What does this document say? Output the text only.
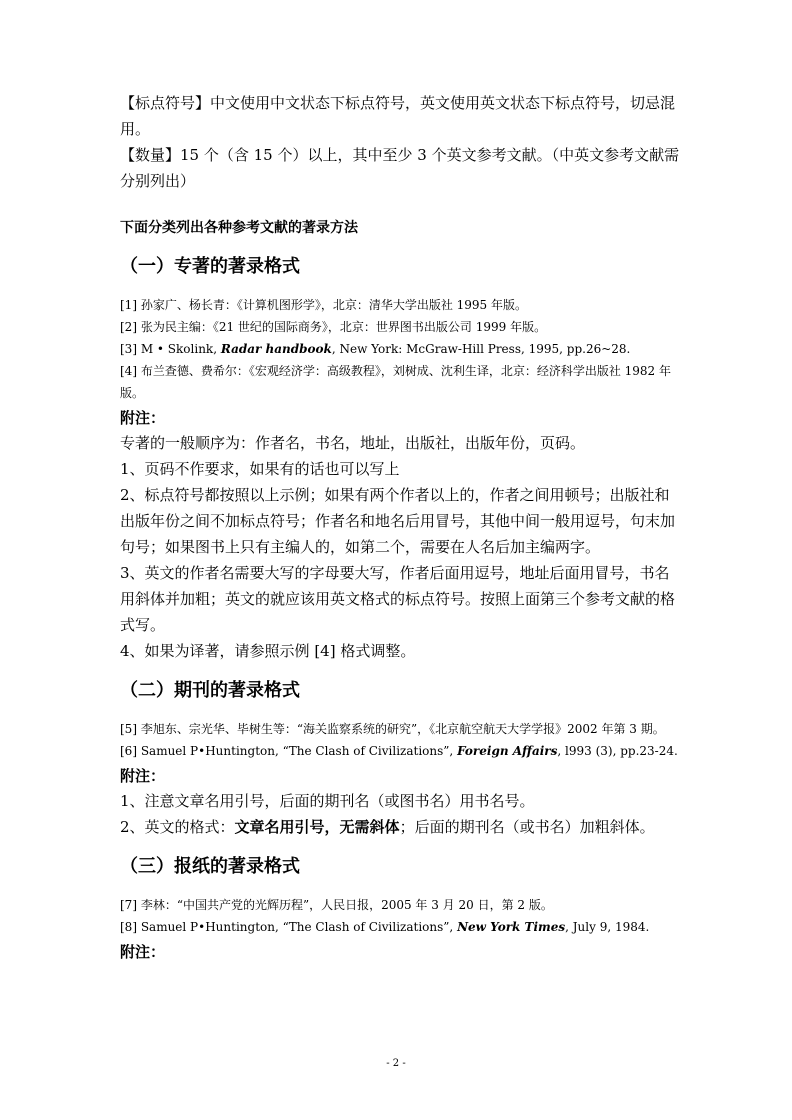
【标点符号】中文使用中文状态下标点符号，英文使用英文状态下标点符号，切忌混用。

【数量】15 个（含 15 个）以上，其中至少 3 个英文参考文献。（中英文参考文献需分别列出）

下面分类列出各种参考文献的著录方法

（一）专著的著录格式

[1] 孙家广、杨长青：《计算机图形学》，北京：清华大学出版社 1995 年版。

[2] 张为民主编：《21 世纪的国际商务》，北京：世界图书出版公司 1999 年版。

[3] M • Skolink, Radar handbook, New York: McGraw-Hill Press, 1995, pp.26~28.

[4] 布兰查德、费希尔：《宏观经济学：高级教程》，刘树成、沈利生译，北京：经济科学出版社 1982 年版。

附注：

专著的一般顺序为：作者名，书名，地址，出版社，出版年份，页码。

1、页码不作要求，如果有的话也可以写上

2、标点符号都按照以上示例；如果有两个作者以上的，作者之间用顿号；出版社和出版年份之间不加标点符号；作者名和地名后用冒号，其他中间一般用逗号，句末加句号；如果图书上只有主编人的，如第二个，需要在人名后加主编两字。

3、英文的作者名需要大写的字母要大写，作者后面用逗号，地址后面用冒号，书名用斜体并加粗；英文的就应该用英文格式的标点符号。按照上面第三个参考文献的格式写。

4、如果为译著，请参照示例 [4] 格式调整。

（二）期刊的著录格式

[5] 李旭东、宗光华、毕树生等：“海关监察系统的研究”，《北京航空航天大学学报》2002 年第 3 期。

[6] Samuel P•Huntington, “The Clash of Civilizations”, Foreign Affairs, l993 (3), pp.23-24.

附注：

1、注意文章名用引号，后面的期刊名（或图书名）用书名号。

2、英文的格式：文章名用引号，无需斜体；后面的期刊名（或书名）加粗斜体。

（三）报纸的著录格式

[7] 李林：“中国共产党的光辉历程”，人民日报，2005 年 3 月 20 日，第 2 版。

[8] Samuel P•Huntington, “The Clash of Civilizations”, New York Times, July 9, 1984.

附注：

- 2 -
